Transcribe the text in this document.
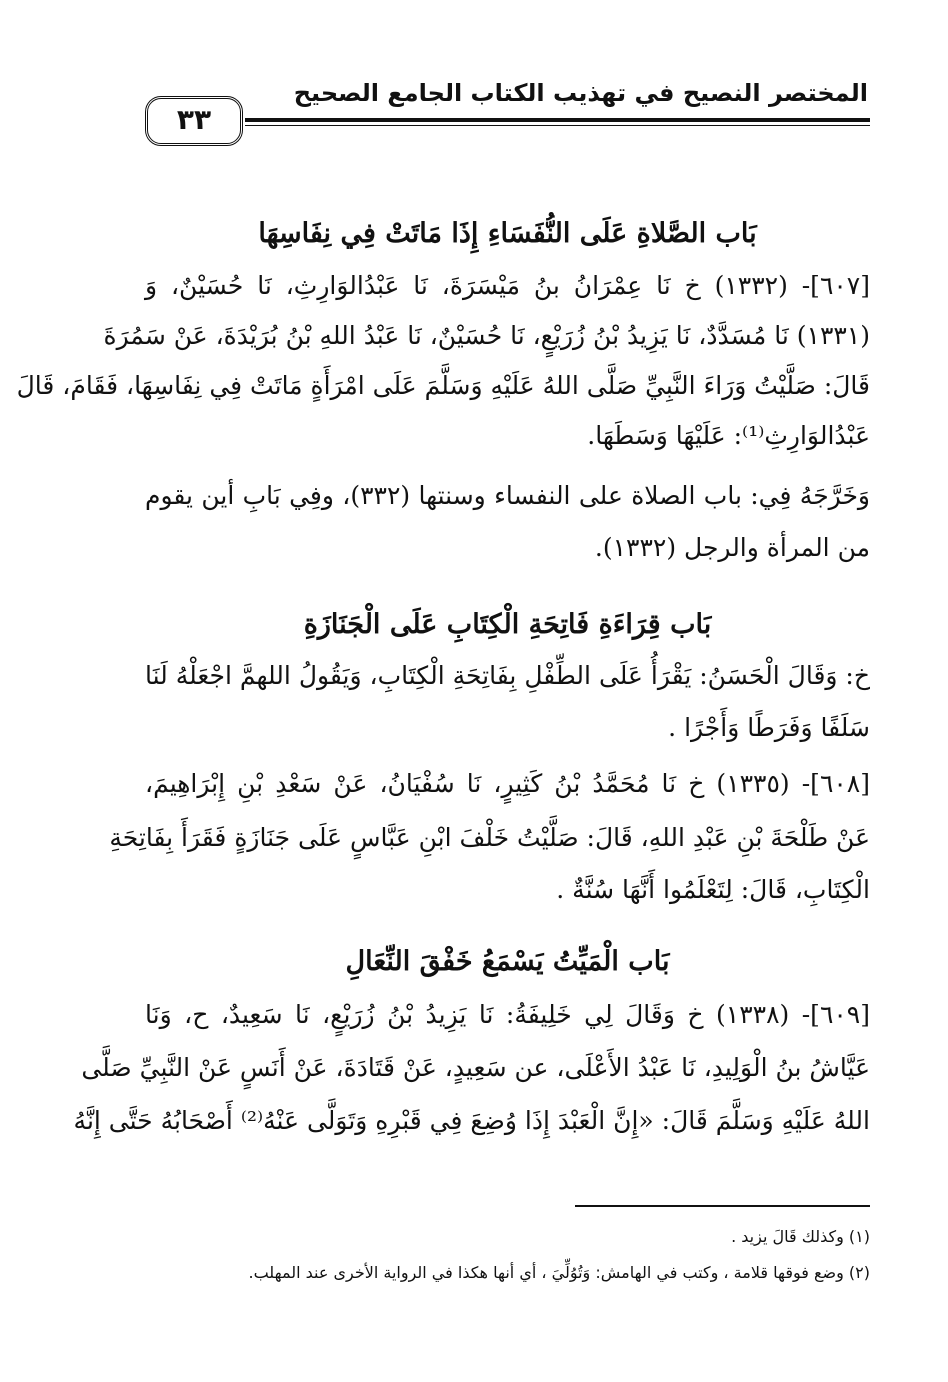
المختصر النصيح في تهذيب الكتاب الجامع الصحيح
٣٣
بَاب الصَّلاةِ عَلَى النُّفَسَاءِ إِذَا مَاتَتْ فِي نِفَاسِهَا
[٦٠٧]- (١٣٣٢) خ نَا عِمْرَانُ بنُ مَيْسَرَةَ، نَا عَبْدُالوَارِثِ، نَا حُسَيْنٌ، وَ
(١٣٣١) نَا مُسَدَّدٌ، نَا يَزِيدُ بْنُ زُرَيْعٍ، نَا حُسَيْنٌ، نَا عَبْدُ اللهِ بْنُ بُرَيْدَةَ، عَنْ سَمُرَةَ
قَالَ: صَلَّيْتُ وَرَاءَ النَّبِيِّ صَلَّى اللهُ عَلَيْهِ وَسَلَّمَ عَلَى امْرَأَةٍ مَاتَتْ فِي نِفَاسِهَا، فَقَامَ، قَالَ
عَبْدُالوَارِثِ⁽¹⁾: عَلَيْهَا وَسَطَهَا.
وَخَرَّجَهُ فِي: باب الصلاة على النفساء وسنتها (٣٣٢)، وفِي بَابِ أين يقوم
من المرأة والرجل (١٣٣٢).
بَاب قِرَاءَةِ فَاتِحَةِ الْكِتَابِ عَلَى الْجَنَازَةِ
خ: وَقَالَ الْحَسَنُ: يَقْرَأُ عَلَى الطِّفْلِ بِفَاتِحَةِ الْكِتَابِ، وَيَقُولُ اللهمَّ اجْعَلْهُ لَنَا
سَلَفًا وَفَرَطًا وَأَجْرًا .
[٦٠٨]- (١٣٣٥) خ نَا مُحَمَّدُ بْنُ كَثِيرٍ، نَا سُفْيَانُ، عَنْ سَعْدِ بْنِ إِبْرَاهِيمَ،
عَنْ طَلْحَةَ بْنِ عَبْدِ اللهِ، قَالَ: صَلَّيْتُ خَلْفَ ابْنِ عَبَّاسٍ عَلَى جَنَازَةٍ فَقَرَأَ بِفَاتِحَةِ
الْكِتَابِ، قَالَ: لِتَعْلَمُوا أَنَّهَا سُنَّةٌ .
بَاب الْمَيِّتُ يَسْمَعُ خَفْقَ النِّعَالِ
[٦٠٩]- (١٣٣٨) خ وَقَالَ لِي خَلِيفَةُ: نَا يَزِيدُ بْنُ زُرَيْعٍ، نَا سَعِيدٌ، ح، وَنَا
عَيَّاشُ بنُ الْوَلِيدِ، نَا عَبْدُ الأَعْلَى، عن سَعِيدٍ، عَنْ قَتَادَةَ، عَنْ أَنَسٍ عَنْ النَّبِيِّ صَلَّى
اللهُ عَلَيْهِ وَسَلَّمَ قَالَ: «إِنَّ الْعَبْدَ إِذَا وُضِعَ فِي قَبْرِهِ وَتَوَلَّى عَنْهُ⁽²⁾ أَصْحَابُهُ حَتَّى إِنَّهُ
(١) وكذلك قَالَ يزيد .
(٢) وضع فوقها قلامة ، وكتب في الهامش: وَتُوُلِّيَ ، أي أنها هكذا في الرواية الأخرى عند المهلب.
